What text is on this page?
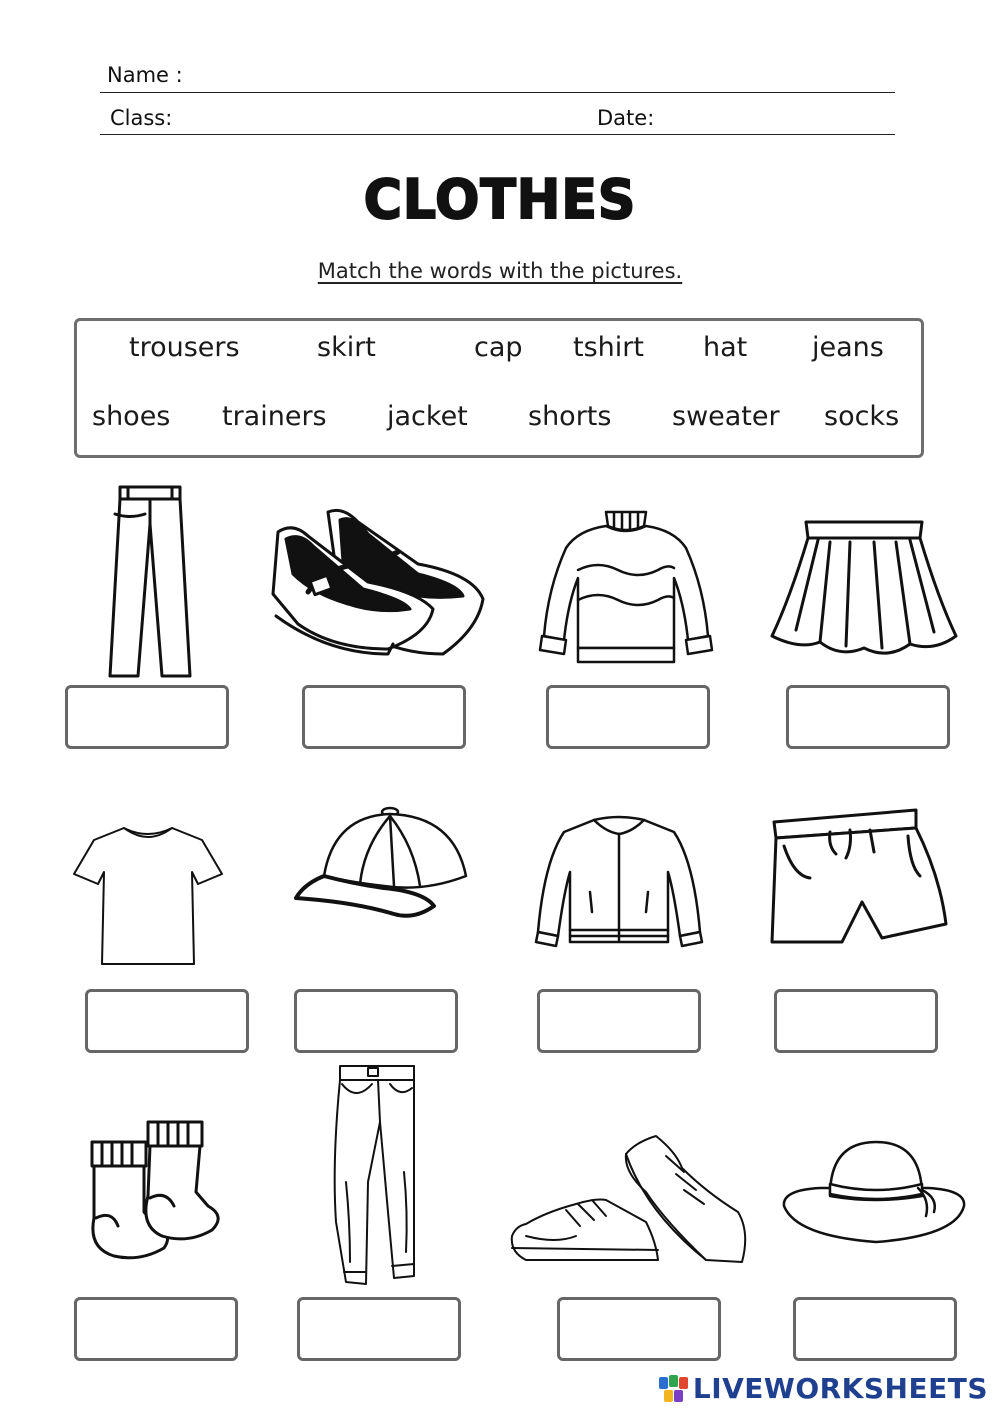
Name :
Class:	Date:
CLOTHES
Match the words with the pictures.
trousers	skirt	cap tshirt hat jeans
shoes trainers jacket shorts sweater socks
LIVEWORKSHEETS
